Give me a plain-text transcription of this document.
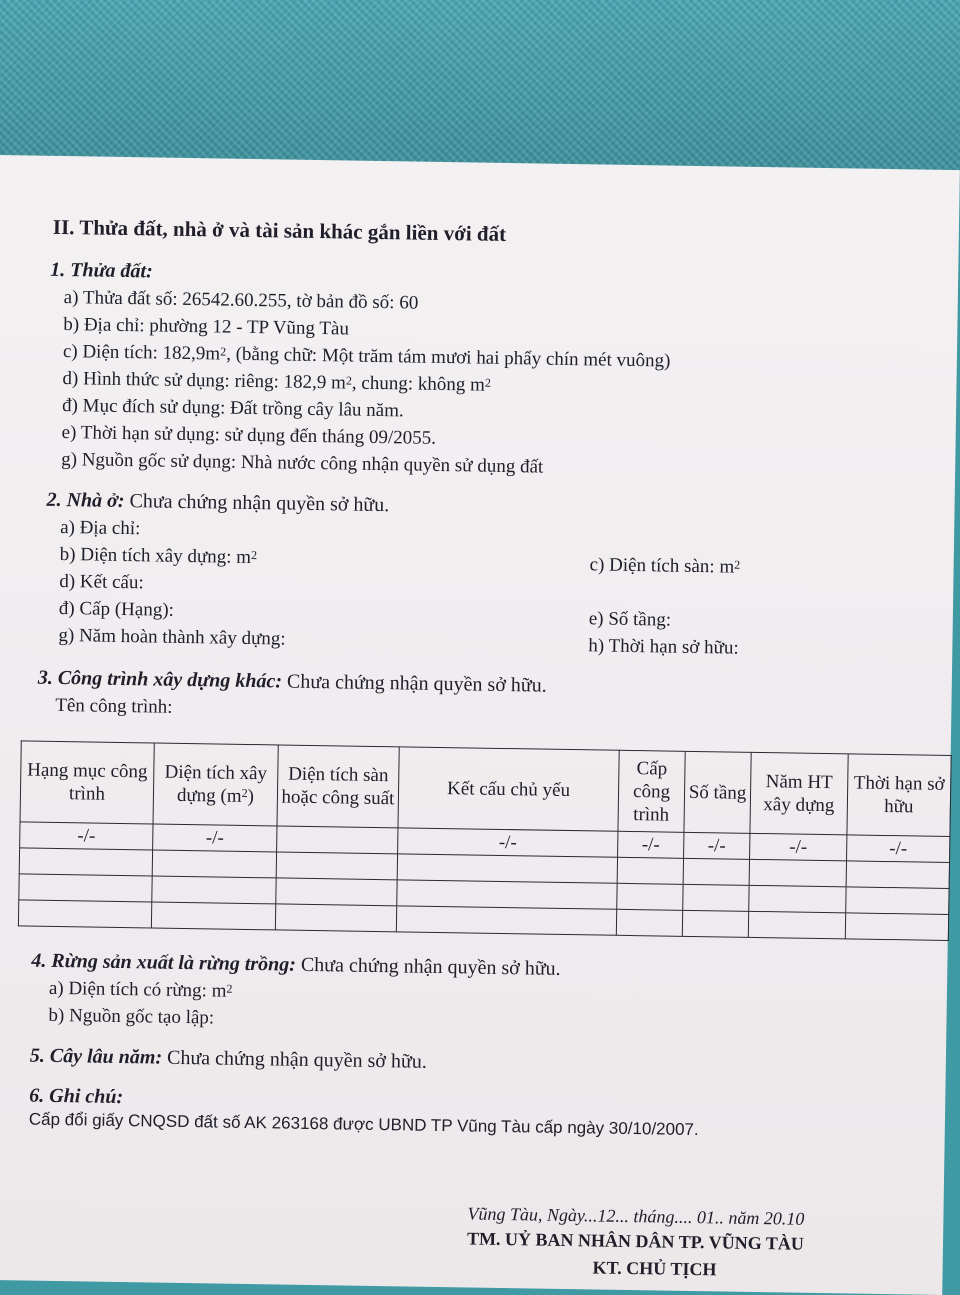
II. Thửa đất, nhà ở và tài sản khác gắn liền với đất
1. Thửa đất:
a) Thửa đất số: 26542.60.255, tờ bản đồ số: 60
b) Địa chỉ: phường 12 - TP Vũng Tàu
c) Diện tích: $182,9m^2$, (bằng chữ: Một trăm tám mươi hai phẩy chín mét vuông)
d) Hình thức sử dụng: riêng: 182,9 $m^2$, chung: không $m^2$
đ) Mục đích sử dụng: Đất trồng cây lâu năm.
e) Thời hạn sử dụng: sử dụng đến tháng 09/2055.
g) Nguồn gốc sử dụng: Nhà nước công nhận quyền sử dụng đất
2. Nhà ở: Chưa chứng nhận quyền sở hữu.
a) Địa chỉ:
b) Diện tích xây dựng: $m^2$	c) Diện tích sàn: $m^2$
d) Kết cấu:
đ) Cấp (Hạng):	e) Số tầng:
g) Năm hoàn thành xây dựng:	h) Thời hạn sở hữu:
3. Công trình xây dựng khác: Chưa chứng nhận quyền sở hữu.
Tên công trình:
Hạng mục công trình	Diện tích xây dựng $(m^2)$	Diện tích sàn hoặc công suất	Kết cấu chủ yếu	Cấp công trình	Số tầng	Năm HT xây dựng	Thời hạn sở hữu
-/-	-/-		-/-	-/-	-/-	-/-	-/-

4. Rừng sản xuất là rừng trồng: Chưa chứng nhận quyền sở hữu.
a) Diện tích có rừng: $m^2$
b) Nguồn gốc tạo lập:
5. Cây lâu năm: Chưa chứng nhận quyền sở hữu.
6. Ghi chú:
Cấp đổi giấy CNQSD đất số AK 263168 được UBND TP Vũng Tàu cấp ngày 30/10/2007.
Vũng Tàu, Ngày...12... tháng.... 01.. năm 20.10
TM. UỶ BAN NHÂN DÂN TP. VŨNG TÀU
KT. CHỦ TỊCH
